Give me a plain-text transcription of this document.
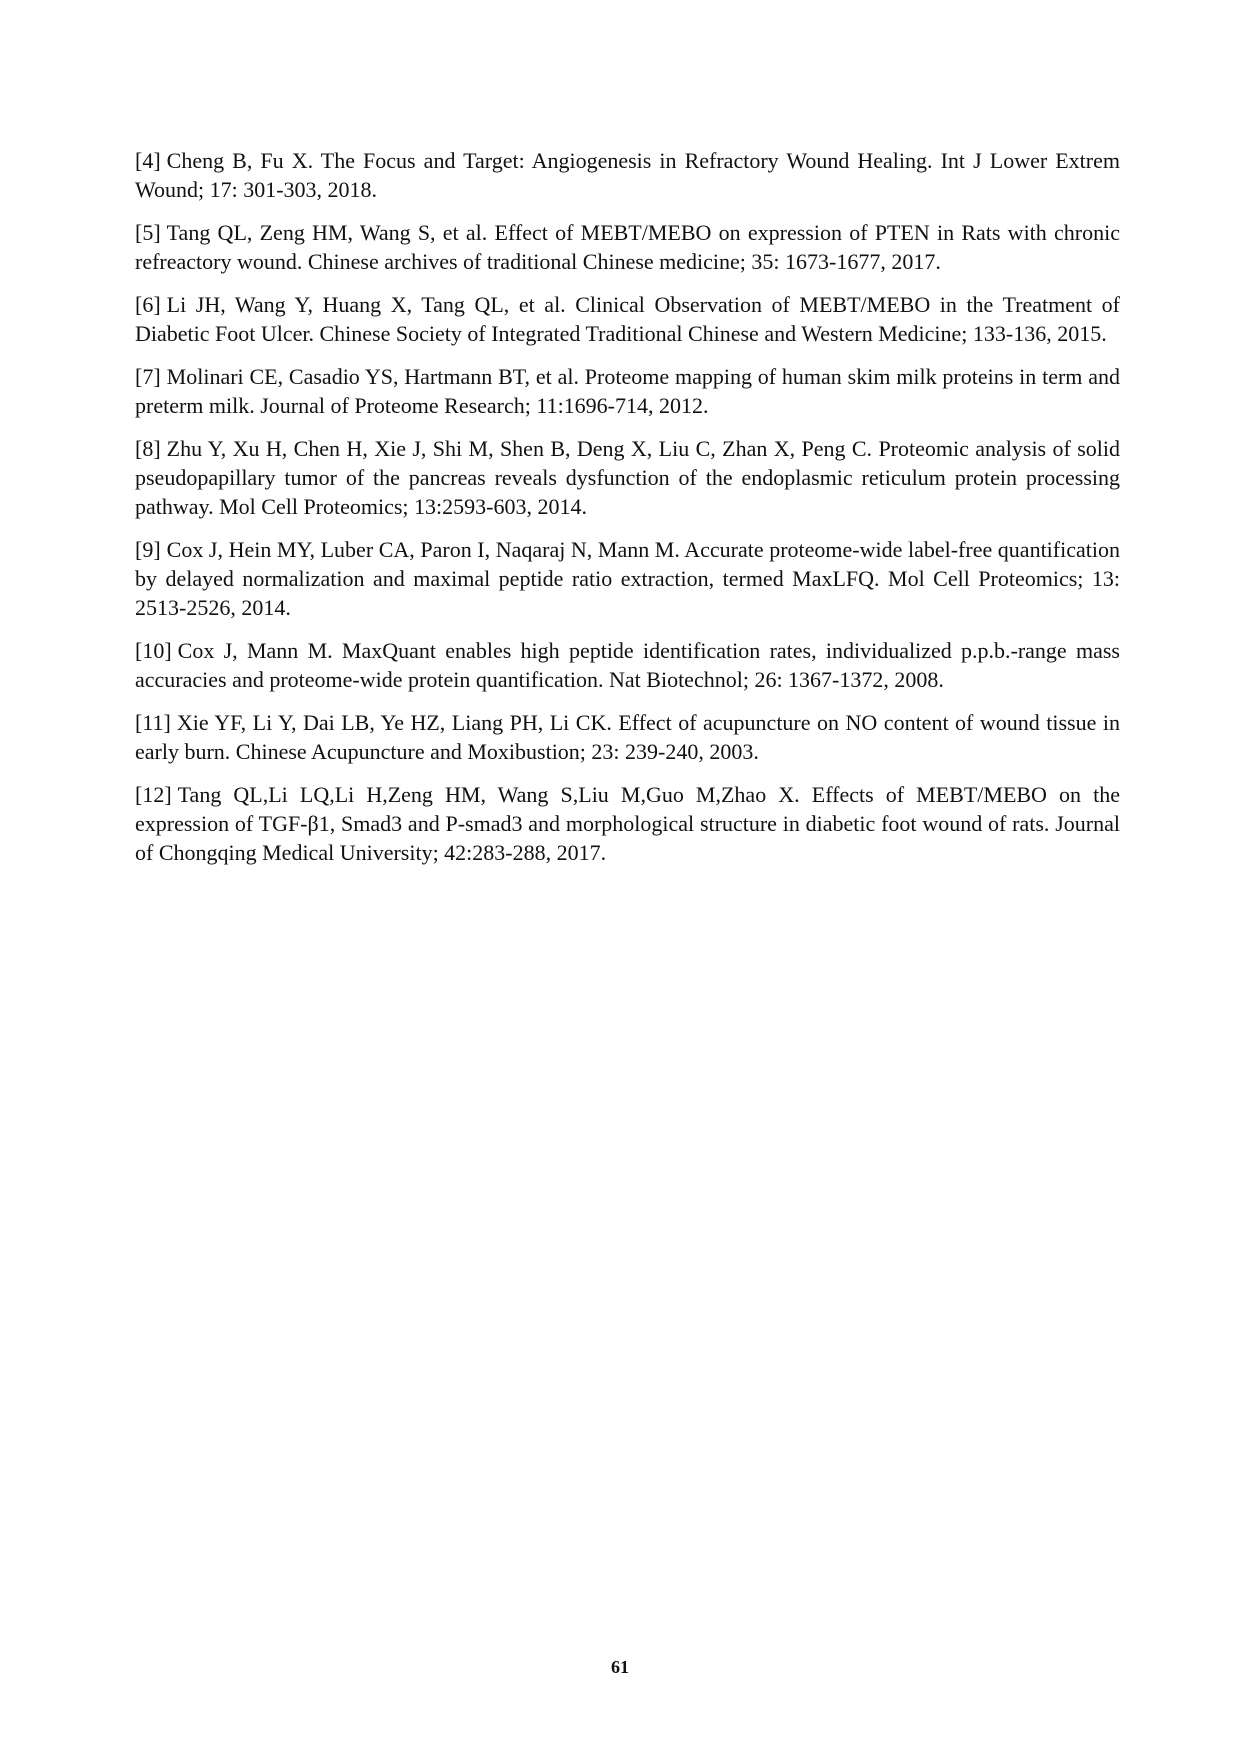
[4] Cheng B, Fu X. The Focus and Target: Angiogenesis in Refractory Wound Healing. Int J Lower Extrem Wound; 17: 301-303, 2018.

[5] Tang QL, Zeng HM, Wang S, et al. Effect of MEBT/MEBO on expression of PTEN in Rats with chronic refreactory wound. Chinese archives of traditional Chinese medicine; 35: 1673-1677, 2017.

[6] Li JH, Wang Y, Huang X, Tang QL, et al. Clinical Observation of MEBT/MEBO in the Treatment of Diabetic Foot Ulcer. Chinese Society of Integrated Traditional Chinese and Western Medicine; 133-136, 2015.

[7] Molinari CE, Casadio YS, Hartmann BT, et al. Proteome mapping of human skim milk proteins in term and preterm milk. Journal of Proteome Research; 11:1696-714, 2012.

[8] Zhu Y, Xu H, Chen H, Xie J, Shi M, Shen B, Deng X, Liu C, Zhan X, Peng C. Proteomic analysis of solid pseudopapillary tumor of the pancreas reveals dysfunction of the endoplasmic reticulum protein processing pathway. Mol Cell Proteomics; 13:2593-603, 2014.

[9] Cox J, Hein MY, Luber CA, Paron I, Naqaraj N, Mann M. Accurate proteome-wide label-free quantification by delayed normalization and maximal peptide ratio extraction, termed MaxLFQ. Mol Cell Proteomics; 13: 2513-2526, 2014.

[10] Cox J, Mann M. MaxQuant enables high peptide identification rates, individualized p.p.b.-range mass accuracies and proteome-wide protein quantification. Nat Biotechnol; 26: 1367-1372, 2008.

[11] Xie YF, Li Y, Dai LB, Ye HZ, Liang PH, Li CK. Effect of acupuncture on NO content of wound tissue in early burn. Chinese Acupuncture and Moxibustion; 23: 239-240, 2003.

[12] Tang QL,Li LQ,Li H,Zeng HM, Wang S,Liu M,Guo M,Zhao X. Effects of MEBT/MEBO on the expression of TGF-β1, Smad3 and P-smad3 and morphological structure in diabetic foot wound of rats. Journal of Chongqing Medical University; 42:283-288, 2017.

61
